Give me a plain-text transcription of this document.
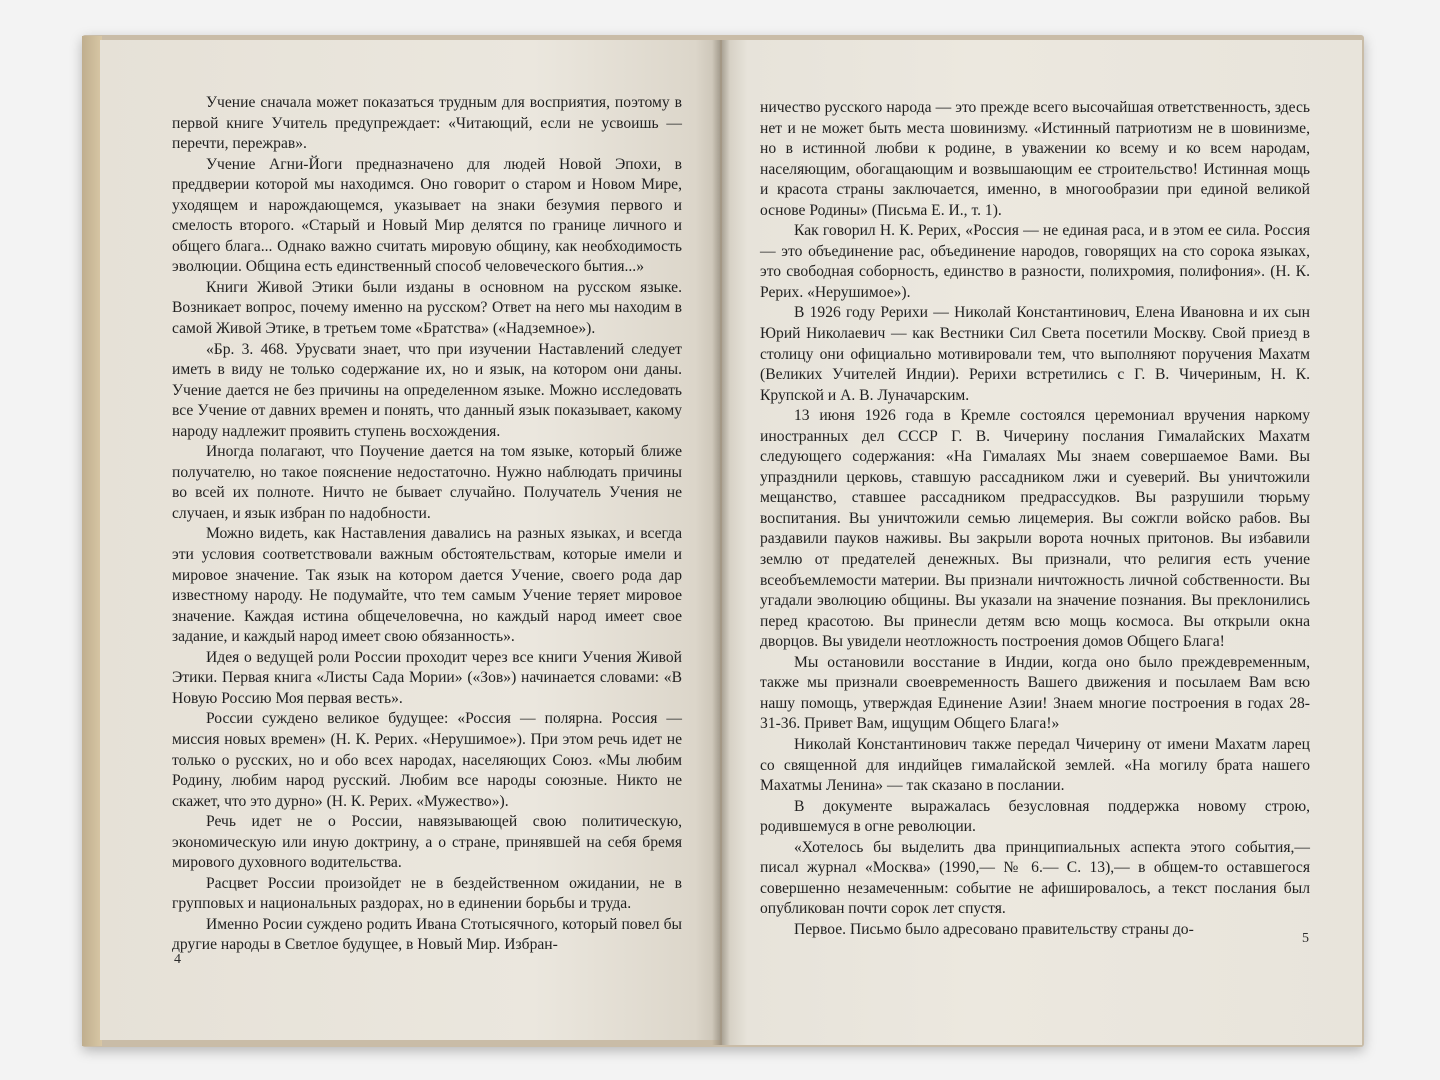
Учение сначала может показаться трудным для восприятия, поэтому в первой книге Учитель предупреждает: «Читающий, если не усвоишь — перечти, пережрав».

Учение Агни-Йоги предназначено для людей Новой Эпохи, в преддверии которой мы находимся. Оно говорит о старом и Новом Мире, уходящем и нарождающемся, указывает на знаки безумия первого и смелость второго. «Старый и Новый Мир делятся по границе личного и общего блага... Однако важно считать мировую общину, как необходимость эволюции. Община есть единственный способ человеческого бытия...»

Книги Живой Этики были изданы в основном на русском языке. Возникает вопрос, почему именно на русском? Ответ на него мы находим в самой Живой Этике, в третьем томе «Братства» («Надземное»).

«Бр. 3. 468. Урусвати знает, что при изучении Наставлений следует иметь в виду не только содержание их, но и язык, на котором они даны. Учение дается не без причины на определенном языке. Можно исследовать все Учение от давних времен и понять, что данный язык показывает, какому народу надлежит проявить ступень восхождения.

Иногда полагают, что Поучение дается на том языке, который ближе получателю, но такое пояснение недостаточно. Нужно наблюдать причины во всей их полноте. Ничто не бывает случайно. Получатель Учения не случаен, и язык избран по надобности.

Можно видеть, как Наставления давались на разных языках, и всегда эти условия соответствовали важным обстоятельствам, которые имели и мировое значение. Так язык на котором дается Учение, своего рода дар известному народу. Не подумайте, что тем самым Учение теряет мировое значение. Каждая истина общечеловечна, но каждый народ имеет свое задание, и каждый народ имеет свою обязанность».

Идея о ведущей роли России проходит через все книги Учения Живой Этики. Первая книга «Листы Сада Мории» («Зов») начинается словами: «В Новую Россию Моя первая весть».

России суждено великое будущее: «Россия — полярна. Россия — миссия новых времен» (Н. К. Рерих. «Нерушимое»). При этом речь идет не только о русских, но и обо всех народах, населяющих Союз. «Мы любим Родину, любим народ русский. Любим все народы союзные. Никто не скажет, что это дурно» (Н. К. Рерих. «Мужество»).

Речь идет не о России, навязывающей свою политическую, экономическую или иную доктрину, а о стране, принявшей на себя бремя мирового духовного водительства.

Расцвет России произойдет не в бездейственном ожидании, не в групповых и национальных раздорах, но в единении борьбы и труда.

Именно Росии суждено родить Ивана Стотысячного, который повел бы другие народы в Светлое будущее, в Новый Мир. Избран-

4

ничество русского народа — это прежде всего высочайшая ответственность, здесь нет и не может быть места шовинизму. «Истинный патриотизм не в шовинизме, но в истинной любви к родине, в уважении ко всему и ко всем народам, населяющим, обогащающим и возвышающим ее строительство! Истинная мощь и красота страны заключается, именно, в многообразии при единой великой основе Родины» (Письма Е. И., т. 1).

Как говорил Н. К. Рерих, «Россия — не единая раса, и в этом ее сила. Россия — это объединение рас, объединение народов, говорящих на сто сорока языках, это свободная соборность, единство в разности, полихромия, полифония». (Н. К. Рерих. «Нерушимое»).

В 1926 году Рерихи — Николай Константинович, Елена Ивановна и их сын Юрий Николаевич — как Вестники Сил Света посетили Москву. Свой приезд в столицу они официально мотивировали тем, что выполняют поручения Махатм (Великих Учителей Индии). Рерихи встретились с Г. В. Чичериным, Н. К. Крупской и А. В. Луначарским.

13 июня 1926 года в Кремле состоялся церемониал вручения наркому иностранных дел СССР Г. В. Чичерину послания Гималайских Махатм следующего содержания: «На Гималаях Мы знаем совершаемое Вами. Вы упразднили церковь, ставшую рассадником лжи и суеверий. Вы уничтожили мещанство, ставшее рассадником предрассудков. Вы разрушили тюрьму воспитания. Вы уничтожили семью лицемерия. Вы сожгли войско рабов. Вы раздавили пауков наживы. Вы закрыли ворота ночных притонов. Вы избавили землю от предателей денежных. Вы признали, что религия есть учение всеобъемлемости материи. Вы признали ничтожность личной собственности. Вы угадали эволюцию общины. Вы указали на значение познания. Вы преклонились перед красотою. Вы принесли детям всю мощь космоса. Вы открыли окна дворцов. Вы увидели неотложность построения домов Общего Блага!

Мы остановили восстание в Индии, когда оно было преждевременным, также мы признали своевременность Вашего движения и посылаем Вам всю нашу помощь, утверждая Единение Азии! Знаем многие построения в годах 28-31-36. Привет Вам, ищущим Общего Блага!»

Николай Константинович также передал Чичерину от имени Махатм ларец со священной для индийцев гималайской землей. «На могилу брата нашего Махатмы Ленина» — так сказано в послании.

В документе выражалась безусловная поддержка новому строю, родившемуся в огне революции.

«Хотелось бы выделить два принципиальных аспекта этого события,— писал журнал «Москва» (1990,— № 6.— С. 13),— в общем-то оставшегося совершенно незамеченным: событие не афишировалось, а текст послания был опубликован почти сорок лет спустя.

Первое. Письмо было адресовано правительству страны до-

5
